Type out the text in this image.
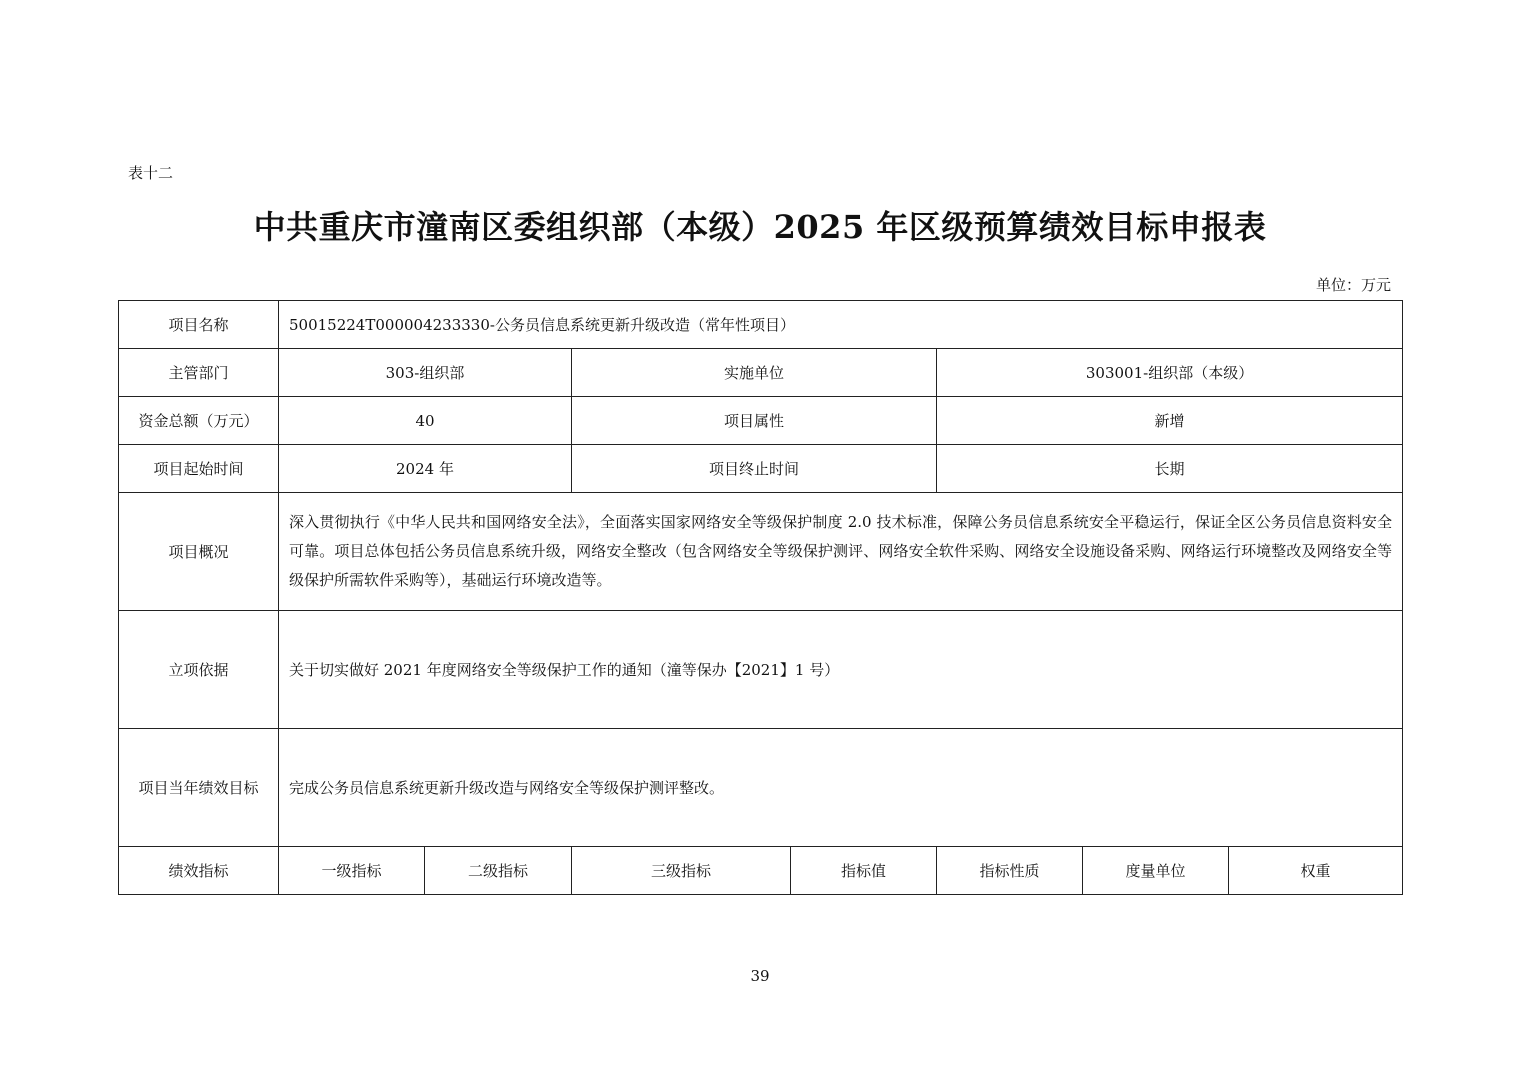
表十二
中共重庆市潼南区委组织部（本级）2025 年区级预算绩效目标申报表
单位：万元
项目名称	50015224T000004233330-公务员信息系统更新升级改造（常年性项目）						
主管部门	303-组织部		实施单位		303001-组织部（本级）		
资金总额（万元）	40		项目属性		新增		
项目起始时间	2024 年		项目终止时间		长期		
项目概况	深入贯彻执行《中华人民共和国网络安全法》，全面落实国家网络安全等级保护制度 2.0 技术标准，保障公务员信息系统安全平稳运行，保证全区公务员信息资料安全可靠。项目总体包括公务员信息系统升级，网络安全整改（包含网络安全等级保护测评、网络安全软件采购、网络安全设施设备采购、网络运行环境整改及网络安全等级保护所需软件采购等），基础运行环境改造等。						
立项依据	关于切实做好 2021 年度网络安全等级保护工作的通知（潼等保办【2021】1 号）						
项目当年绩效目标	完成公务员信息系统更新升级改造与网络安全等级保护测评整改。						
绩效指标	一级指标	二级指标	三级指标	指标值	指标性质	度量单位	权重
39
